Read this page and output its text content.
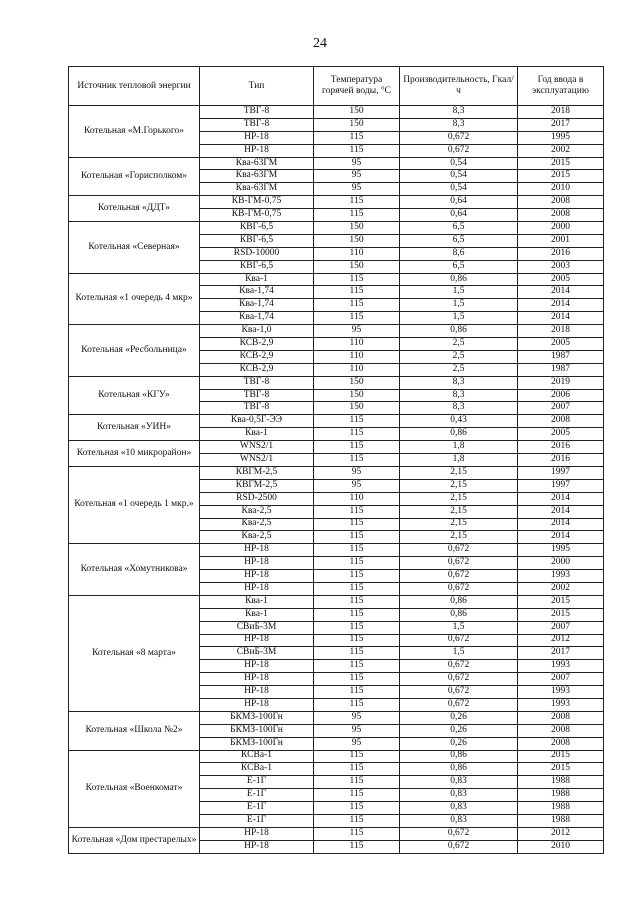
24
Источник тепловой энергии	Тип	Температура горячей воды, °С	Производительность, Гкал/ч	Год ввода в эксплуатацию
Котельная «М.Горького»	ТВГ-8	150	8,3	2018
	ТВГ-8	150	8,3	2017
	НР-18	115	0,672	1995
	НР-18	115	0,672	2002
Котельная «Горисполком»	Ква-63ГМ	95	0,54	2015
	Ква-63ГМ	95	0,54	2015
	Ква-63ГМ	95	0,54	2010
Котельная «ДДТ»	КВ-ГМ-0,75	115	0,64	2008
	КВ-ГМ-0,75	115	0,64	2008
Котельная «Северная»	КВГ-6,5	150	6,5	2000
	КВГ-6,5	150	6,5	2001
	RSD-10000	110	8,6	2016
	КВГ-6,5	150	6,5	2003
Котельная «1 очередь 4 мкр»	Ква-1	115	0,86	2005
	Ква-1,74	115	1,5	2014
	Ква-1,74	115	1,5	2014
	Ква-1,74	115	1,5	2014
Котельная «Ресбольница»	Ква-1,0	95	0,86	2018
	КСВ-2,9	110	2,5	2005
	КСВ-2,9	110	2,5	1987
	КСВ-2,9	110	2,5	1987
Котельная «КГУ»	ТВГ-8	150	8,3	2019
	ТВГ-8	150	8,3	2006
	ТВГ-8	150	8,3	2007
Котельная «УИН»	Ква-0,5Г-ЭЭ	115	0,43	2008
	Ква-1	115	0,86	2005
Котельная «10 микрорайон»	WNS2/1	115	1,8	2016
	WNS2/1	115	1,8	2016
Котельная «1 очередь 1 мкр.»	КВГМ-2,5	95	2,15	1997
	КВГМ-2,5	95	2,15	1997
	RSD-2500	110	2,15	2014
	Ква-2,5	115	2,15	2014
	Ква-2,5	115	2,15	2014
	Ква-2,5	115	2,15	2014
Котельная «Хомутникова»	НР-18	115	0,672	1995
	НР-18	115	0,672	2000
	НР-18	115	0,672	1993
	НР-18	115	0,672	2002
Котельная «8 марта»	Ква-1	115	0,86	2015
	Ква-1	115	0,86	2015
	СВиБ-3М	115	1,5	2007
	НР-18	115	0,672	2012
	СВиБ-3М	115	1,5	2017
	НР-18	115	0,672	1993
	НР-18	115	0,672	2007
	НР-18	115	0,672	1993
	НР-18	115	0,672	1993
Котельная «Школа №2»	БКМЗ-100Гн	95	0,26	2008
	БКМЗ-100Гн	95	0,26	2008
	БКМЗ-100Гн	95	0,26	2008
Котельная «Военкомат»	КСВа-1	115	0,86	2015
	КСВа-1	115	0,86	2015
	Е-1Г	115	0,83	1988
	Е-1Г	115	0,83	1988
	Е-1Г	115	0,83	1988
	Е-1Г	115	0,83	1988
Котельная «Дом престарелых»	НР-18	115	0,672	2012
	НР-18	115	0,672	2010
